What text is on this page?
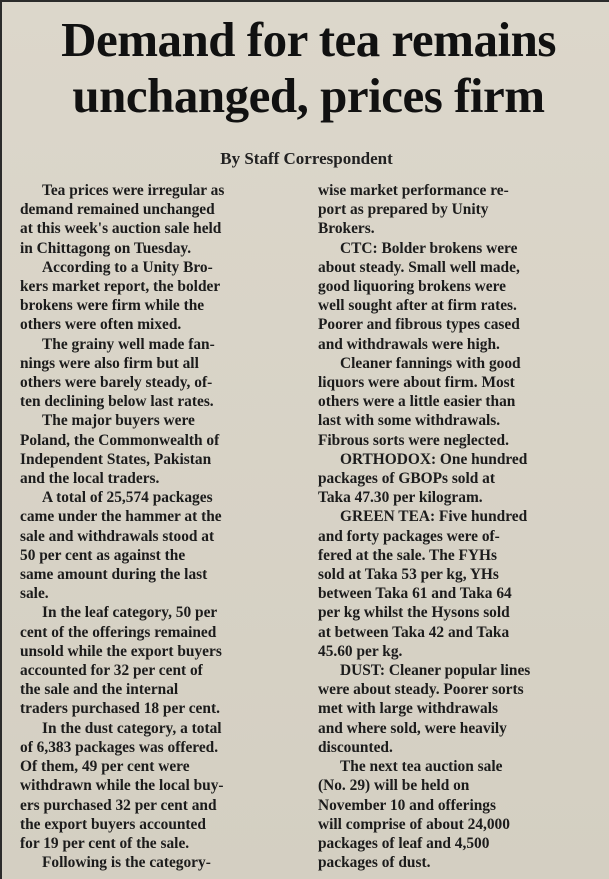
Demand for tea remains
unchanged, prices firm
By Staff Correspondent

Tea prices were irregular as
demand remained unchanged
at this week's auction sale held
in Chittagong on Tuesday.

According to a Unity Bro-
kers market report, the bolder
brokens were firm while the
others were often mixed.

The grainy well made fan-
nings were also firm but all
others were barely steady, of-
ten declining below last rates.

The major buyers were
Poland, the Commonwealth of
Independent States, Pakistan
and the local traders.

A total of 25,574 packages
came under the hammer at the
sale and withdrawals stood at
50 per cent as against the
same amount during the last
sale.

In the leaf category, 50 per
cent of the offerings remained
unsold while the export buyers
accounted for 32 per cent of
the sale and the internal
traders purchased 18 per cent.

In the dust category, a total
of 6,383 packages was offered.
Of them, 49 per cent were
withdrawn while the local buy-
ers purchased 32 per cent and
the export buyers accounted
for 19 per cent of the sale.

Following is the category-

wise market performance re-
port as prepared by Unity
Brokers.

CTC: Bolder brokens were
about steady. Small well made,
good liquoring brokens were
well sought after at firm rates.
Poorer and fibrous types cased
and withdrawals were high.

Cleaner fannings with good
liquors were about firm. Most
others were a little easier than
last with some withdrawals.
Fibrous sorts were neglected.

ORTHODOX: One hundred
packages of GBOPs sold at
Taka 47.30 per kilogram.

GREEN TEA: Five hundred
and forty packages were of-
fered at the sale. The FYHs
sold at Taka 53 per kg, YHs
between Taka 61 and Taka 64
per kg whilst the Hysons sold
at between Taka 42 and Taka
45.60 per kg.

DUST: Cleaner popular lines
were about steady. Poorer sorts
met with large withdrawals
and where sold, were heavily
discounted.

The next tea auction sale
(No. 29) will be held on
November 10 and offerings
will comprise of about 24,000
packages of leaf and 4,500
packages of dust.
